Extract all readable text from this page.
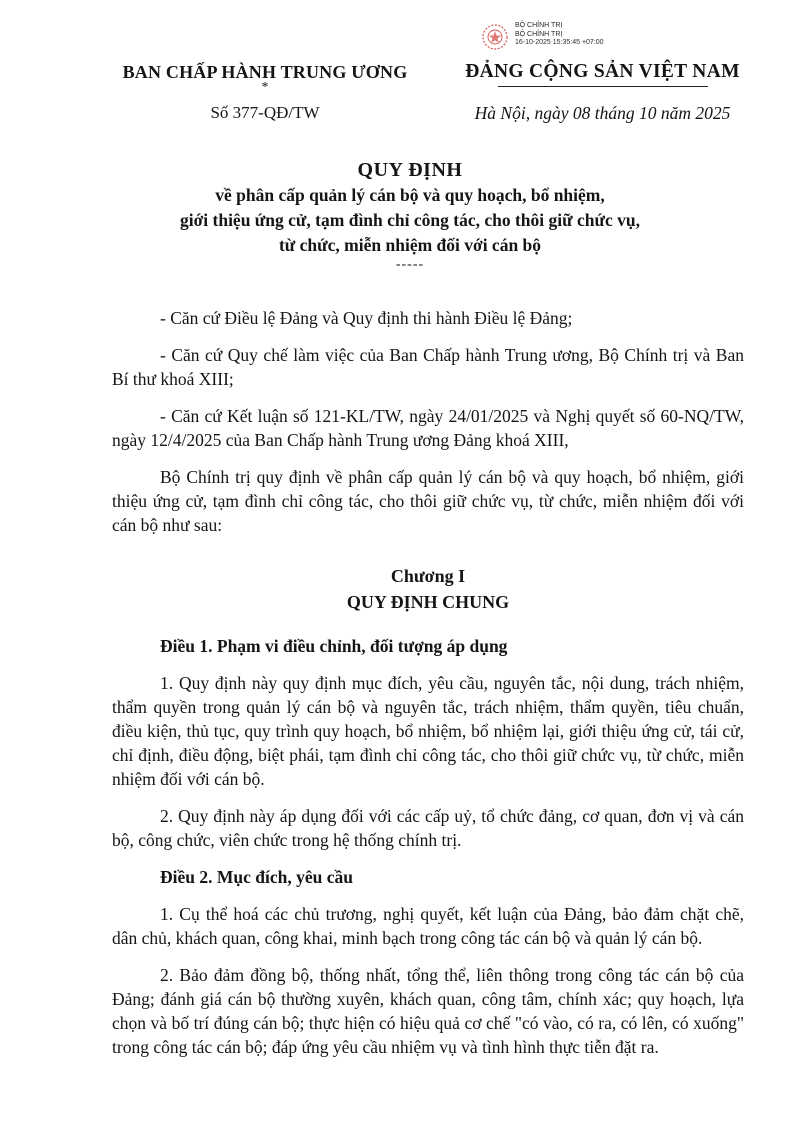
BỘ CHÍNH TRỊ
BỘ CHÍNH TRỊ
16-10-2025 15:35:45 +07:00
BAN CHẤP HÀNH TRUNG ƯƠNG
*
Số 377-QĐ/TW
ĐẢNG CỘNG SẢN VIỆT NAM
Hà Nội, ngày 08 tháng 10 năm 2025
QUY ĐỊNH
về phân cấp quản lý cán bộ và quy hoạch, bổ nhiệm,
giới thiệu ứng cử, tạm đình chỉ công tác, cho thôi giữ chức vụ,
từ chức, miễn nhiệm đối với cán bộ
-----

- Căn cứ Điều lệ Đảng và Quy định thi hành Điều lệ Đảng;

- Căn cứ Quy chế làm việc của Ban Chấp hành Trung ương, Bộ Chính trị và Ban Bí thư khoá XIII;

- Căn cứ Kết luận số 121-KL/TW, ngày 24/01/2025 và Nghị quyết số 60-NQ/TW, ngày 12/4/2025 của Ban Chấp hành Trung ương Đảng khoá XIII,

Bộ Chính trị quy định về phân cấp quản lý cán bộ và quy hoạch, bổ nhiệm, giới thiệu ứng cử, tạm đình chỉ công tác, cho thôi giữ chức vụ, từ chức, miễn nhiệm đối với cán bộ như sau:

Chương I
QUY ĐỊNH CHUNG
Điều 1. Phạm vi điều chỉnh, đối tượng áp dụng

1. Quy định này quy định mục đích, yêu cầu, nguyên tắc, nội dung, trách nhiệm, thẩm quyền trong quản lý cán bộ và nguyên tắc, trách nhiệm, thẩm quyền, tiêu chuẩn, điều kiện, thủ tục, quy trình quy hoạch, bổ nhiệm, bổ nhiệm lại, giới thiệu ứng cử, tái cử, chỉ định, điều động, biệt phái, tạm đình chỉ công tác, cho thôi giữ chức vụ, từ chức, miễn nhiệm đối với cán bộ.

2. Quy định này áp dụng đối với các cấp uỷ, tổ chức đảng, cơ quan, đơn vị và cán bộ, công chức, viên chức trong hệ thống chính trị.

Điều 2. Mục đích, yêu cầu

1. Cụ thể hoá các chủ trương, nghị quyết, kết luận của Đảng, bảo đảm chặt chẽ, dân chủ, khách quan, công khai, minh bạch trong công tác cán bộ và quản lý cán bộ.

2. Bảo đảm đồng bộ, thống nhất, tổng thể, liên thông trong công tác cán bộ của Đảng; đánh giá cán bộ thường xuyên, khách quan, công tâm, chính xác; quy hoạch, lựa chọn và bố trí đúng cán bộ; thực hiện có hiệu quả cơ chế "có vào, có ra, có lên, có xuống" trong công tác cán bộ; đáp ứng yêu cầu nhiệm vụ và tình hình thực tiễn đặt ra.
